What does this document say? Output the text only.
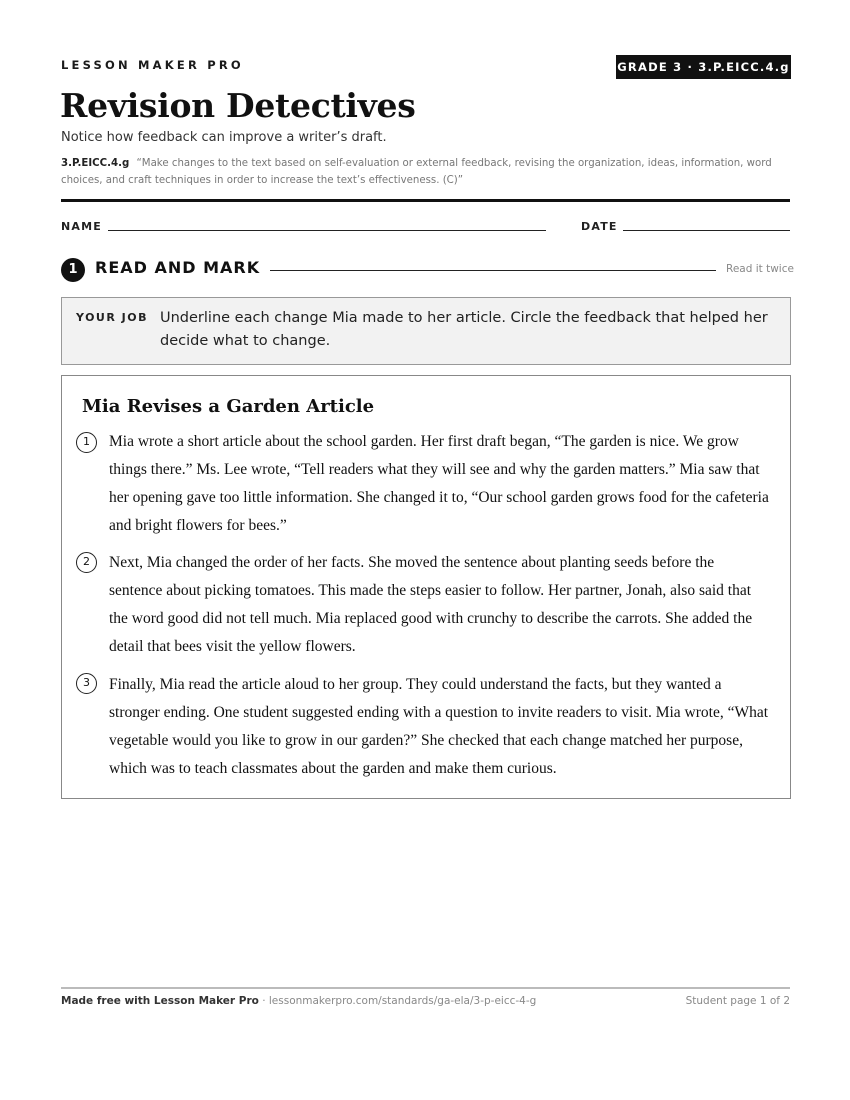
LESSON MAKER PRO	GRADE 3 · 3.P.EICC.4.g
Revision Detectives
Notice how feedback can improve a writer’s draft.
3.P.EICC.4.g “Make changes to the text based on self-evaluation or external feedback, revising the organization, ideas, information, word choices, and craft techniques in order to increase the text’s effectiveness. (C)”
NAME	DATE
1	READ AND MARK	Read it twice
YOUR JOB Underline each change Mia made to her article. Circle the feedback that helped her decide what to change.
Mia Revises a Garden Article
1	Mia wrote a short article about the school garden. Her first draft began, “The garden is nice. We grow things there.” Ms. Lee wrote, “Tell readers what they will see and why the garden matters.” Mia saw that her opening gave too little information. She changed it to, “Our school garden grows food for the cafeteria and bright flowers for bees.”
2	Next, Mia changed the order of her facts. She moved the sentence about planting seeds before the sentence about picking tomatoes. This made the steps easier to follow. Her partner, Jonah, also said that the word good did not tell much. Mia replaced good with crunchy to describe the carrots. She added the detail that bees visit the yellow flowers.
3	Finally, Mia read the article aloud to her group. They could understand the facts, but they wanted a stronger ending. One student suggested ending with a question to invite readers to visit. Mia wrote, “What vegetable would you like to grow in our garden?” She checked that each change matched her purpose, which was to teach classmates about the garden and make them curious.
Made free with Lesson Maker Pro · lessonmakerpro.com/standards/ga-ela/3-p-eicc-4-g	Student page 1 of 2
